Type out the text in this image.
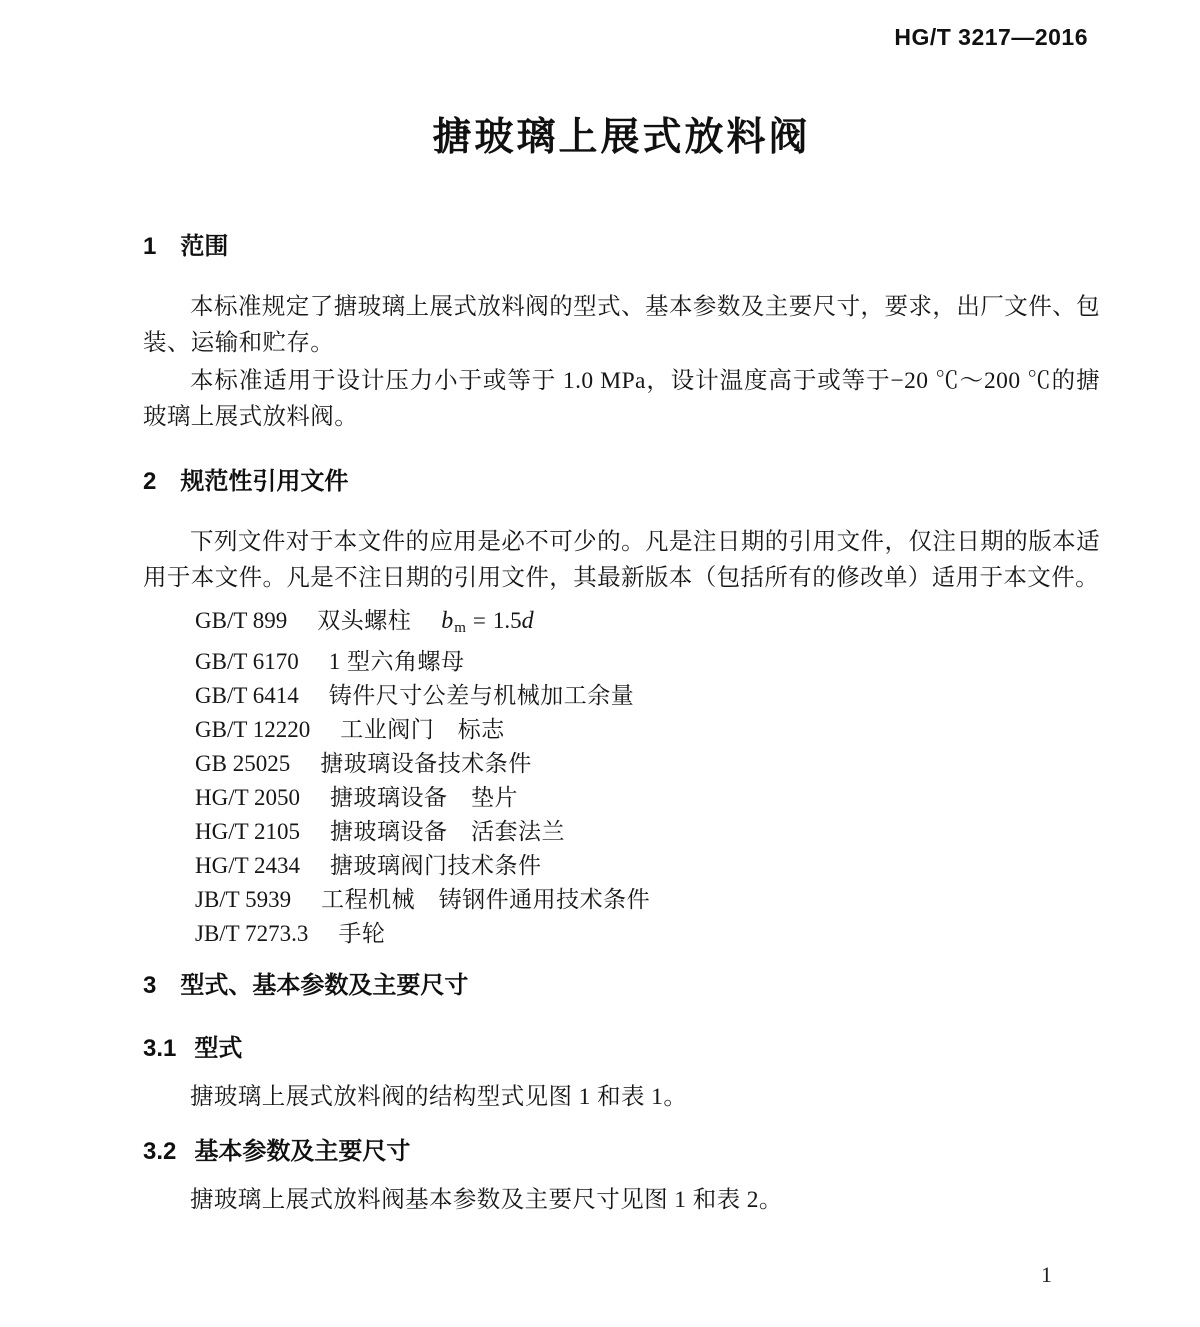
HG/T 3217—2016
搪玻璃上展式放料阀
1 范围

本标准规定了搪玻璃上展式放料阀的型式、基本参数及主要尺寸，要求，出厂文件、包装、运输和贮存。

本标准适用于设计压力小于或等于 1.0 MPa，设计温度高于或等于−20 ℃～200 ℃的搪玻璃上展式放料阀。

2 规范性引用文件

下列文件对于本文件的应用是必不可少的。凡是注日期的引用文件，仅注日期的版本适用于本文件。凡是不注日期的引用文件，其最新版本（包括所有的修改单）适用于本文件。

GB/T 899 双头螺柱 $b_m = 1.5d$
GB/T 6170 1 型六角螺母
GB/T 6414 铸件尺寸公差与机械加工余量
GB/T 12220 工业阀门　标志
GB 25025 搪玻璃设备技术条件
HG/T 2050 搪玻璃设备　垫片
HG/T 2105 搪玻璃设备　活套法兰
HG/T 2434 搪玻璃阀门技术条件
JB/T 5939 工程机械　铸钢件通用技术条件
JB/T 7273.3 手轮
3 型式、基本参数及主要尺寸
3.1 型式

搪玻璃上展式放料阀的结构型式见图 1 和表 1。

3.2 基本参数及主要尺寸

搪玻璃上展式放料阀基本参数及主要尺寸见图 1 和表 2。

1
